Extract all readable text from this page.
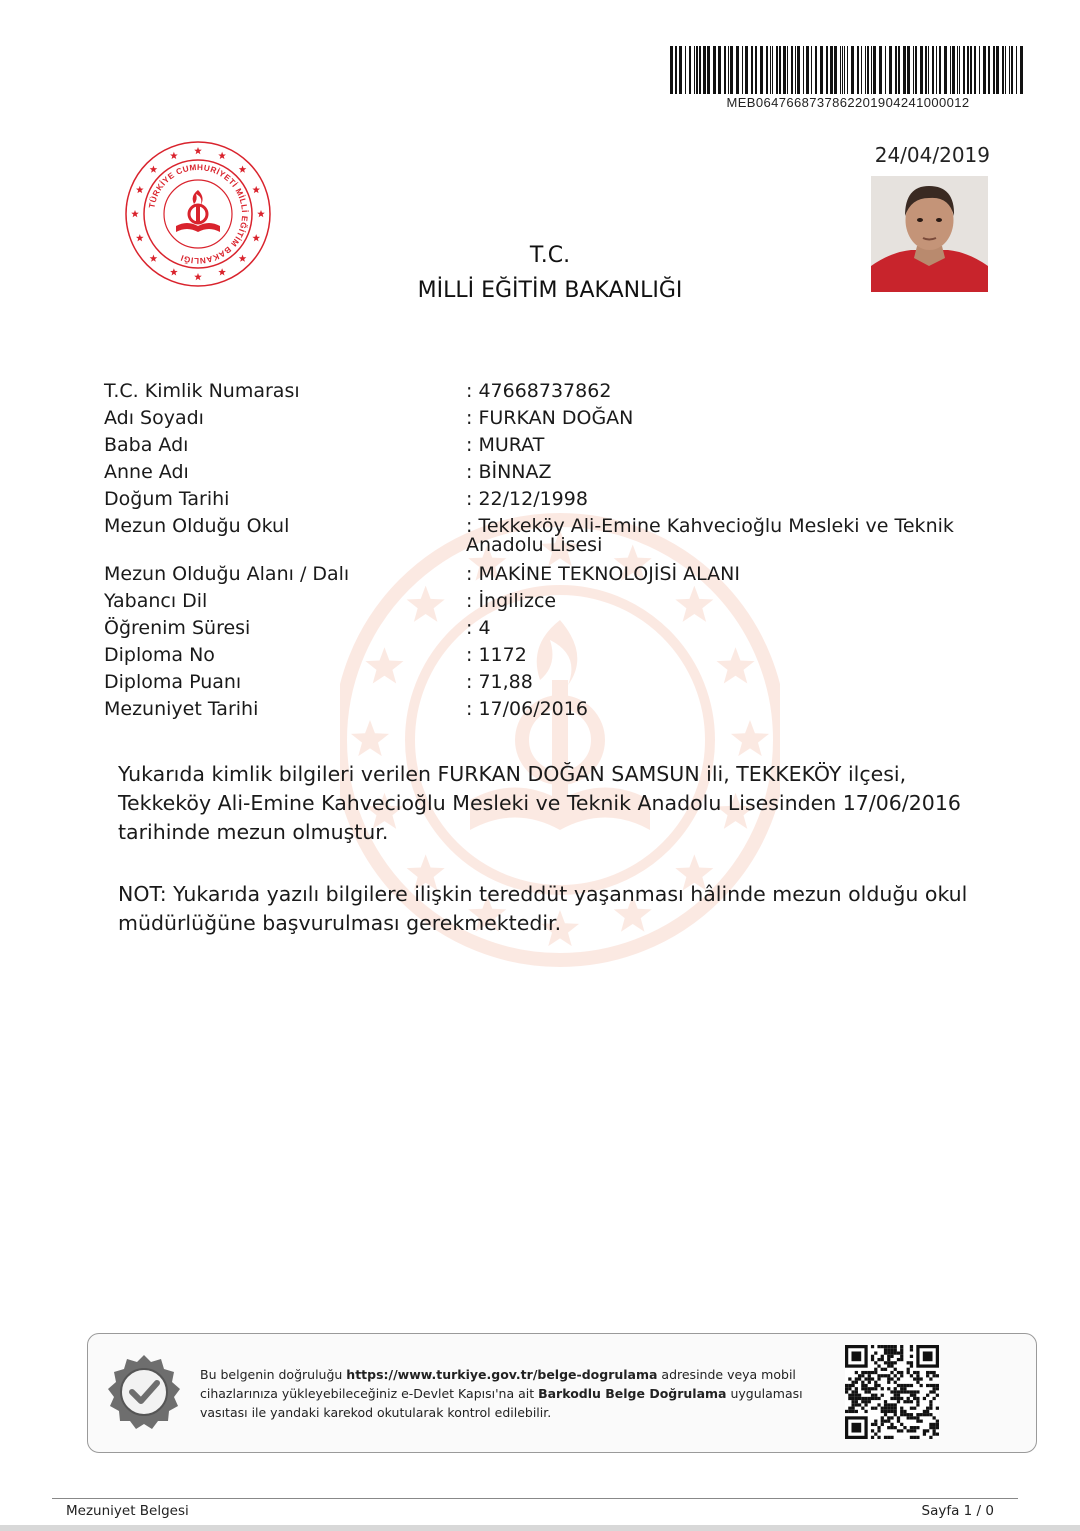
MEB0647668737862201904241000012
24/04/2019
TÜRKİYE CUMHURİYETİ MİLLİ EĞİTİM BAKANLIĞI	T.C.
MİLLİ EĞİTİM BAKANLIĞI
T.C. Kimlik Numarası	: 47668737862
Adı Soyadı	: FURKAN DOĞAN
Baba Adı	: MURAT
Anne Adı	: BİNNAZ
Doğum Tarihi	: 22/12/1998
Mezun Olduğu Okul	: Tekkeköy Ali-Emine Kahvecioğlu Mesleki ve Teknik Anadolu Lisesi
Mezun Olduğu Alanı / Dalı	: MAKİNE TEKNOLOJİSİ ALANI
Yabancı Dil	: İngilizce
Öğrenim Süresi	: 4
Diploma No	: 1172
Diploma Puanı	: 71,88
Mezuniyet Tarihi	: 17/06/2016
Yukarıda kimlik bilgileri verilen FURKAN DOĞAN SAMSUN ili, TEKKEKÖY ilçesi, Tekkeköy Ali-Emine Kahvecioğlu Mesleki ve Teknik Anadolu Lisesinden 17/06/2016 tarihinde mezun olmuştur.
NOT: Yukarıda yazılı bilgilere ilişkin tereddüt yaşanması hâlinde mezun olduğu okul müdürlüğüne başvurulması gerekmektedir.
Bu belgenin doğruluğu https://www.turkiye.gov.tr/belge-dogrulama adresinde veya mobil cihazlarınıza yükleyebileceğiniz e-Devlet Kapısı'na ait Barkodlu Belge Doğrulama uygulaması vasıtası ile yandaki karekod okutularak kontrol edilebilir.
Mezuniyet Belgesi	Sayfa 1 / 0
